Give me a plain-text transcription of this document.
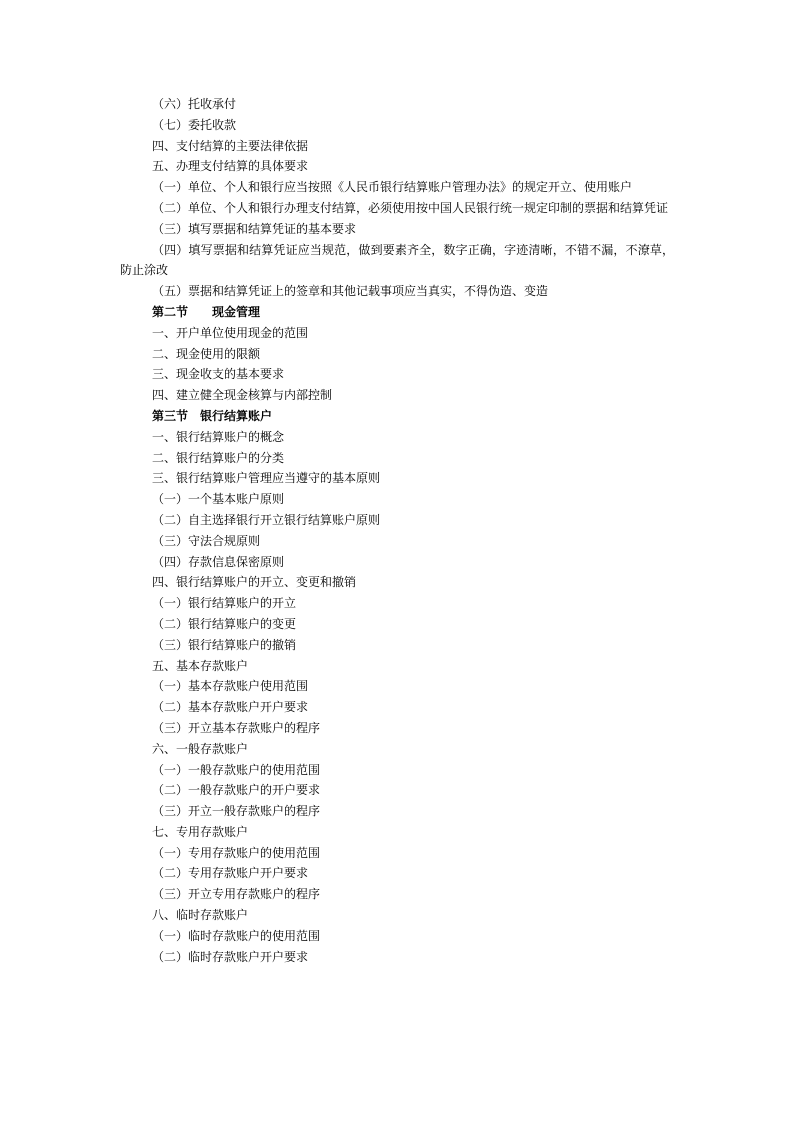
（六）托收承付
（七）委托收款
四、支付结算的主要法律依据
五、办理支付结算的具体要求
（一）单位、个人和银行应当按照《人民币银行结算账户管理办法》的规定开立、使用账户
（二）单位、个人和银行办理支付结算，必须使用按中国人民银行统一规定印制的票据和结算凭证
（三）填写票据和结算凭证的基本要求
（四）填写票据和结算凭证应当规范，做到要素齐全，数字正确，字迹清晰，不错不漏，不潦草，防止涂改
（五）票据和结算凭证上的签章和其他记载事项应当真实，不得伪造、变造
第二节　　现金管理
一、开户单位使用现金的范围
二、现金使用的限额
三、现金收支的基本要求
四、建立健全现金核算与内部控制
第三节　银行结算账户
一、银行结算账户的概念
二、银行结算账户的分类
三、银行结算账户管理应当遵守的基本原则
（一）一个基本账户原则
（二）自主选择银行开立银行结算账户原则
（三）守法合规原则
（四）存款信息保密原则
四、银行结算账户的开立、变更和撤销
（一）银行结算账户的开立
（二）银行结算账户的变更
（三）银行结算账户的撤销
五、基本存款账户
（一）基本存款账户使用范围
（二）基本存款账户开户要求
（三）开立基本存款账户的程序
六、一般存款账户
（一）一般存款账户的使用范围
（二）一般存款账户的开户要求
（三）开立一般存款账户的程序
七、专用存款账户
（一）专用存款账户的使用范围
（二）专用存款账户开户要求
（三）开立专用存款账户的程序
八、临时存款账户
（一）临时存款账户的使用范围
（二）临时存款账户开户要求
